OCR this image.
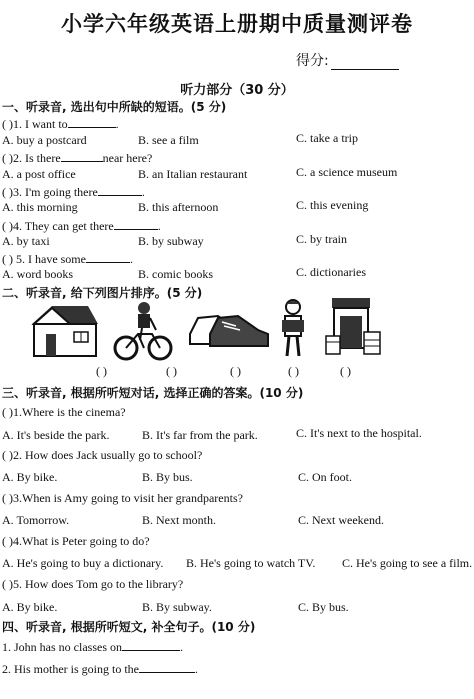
小学六年级英语上册期中质量测评卷
得分:
听力部分（30 分）
一、听录音, 选出句中所缺的短语。(5 分)
( )1. I want to	.
A. buy a postcard	B. see a film	C. take a trip
( )2. Is there	near here?
A. a post office	B. an Italian restaurant	C. a science museum
( )3. I'm going there	.
A. this morning	B. this afternoon	C. this evening
( )4. They can get there	.
A. by taxi	B. by subway	C. by train
( ) 5. I have some	.
A. word books	B. comic books	C. dictionaries
二、听录音, 给下列图片排序。(5 分)
( )	( )	( )	( )	( )
三、听录音, 根据所听短对话, 选择正确的答案。(10 分)
( )1.Where is the cinema?
A. It's beside the park.	B. It's far from the park.	C. It's next to the hospital.
( )2. How does Jack usually go to school?
A. By bike.	B. By bus.	C. On foot.
( )3.When is Amy going to visit her grandparents?
A. Tomorrow.	B. Next month.	C. Next weekend.
( )4.What is Peter going to do?
A. He's going to buy a dictionary. B. He's going to watch TV. C. He's going to see a film.
( )5. How does Tom go to the library?
A. By bike.	B. By subway.	C. By bus.
四、听录音, 根据所听短文, 补全句子。(10 分)
1. John has no classes on	.
2. His mother is going to the	.
